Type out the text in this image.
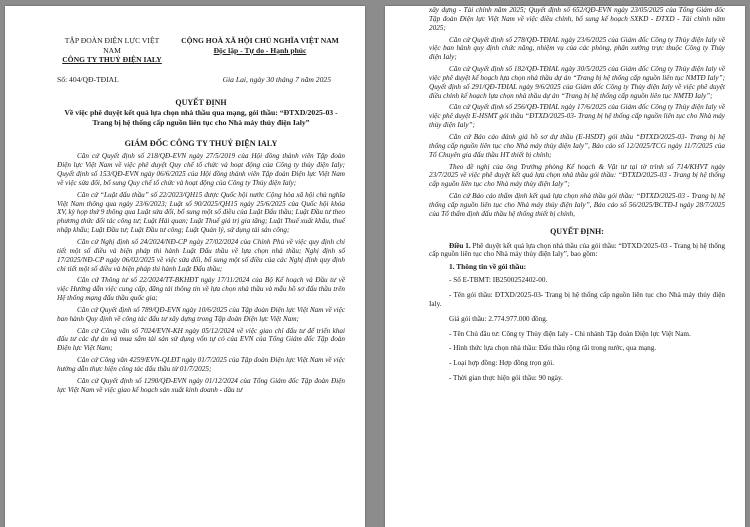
TẬP ĐOÀN ĐIỆN LỰC VIỆT NAM
CÔNG TY THUỶ ĐIỆN IALY
CỘNG HOÀ XÃ HỘI CHỦ NGHĨA VIỆT NAM
Độc lập - Tự do - Hạnh phúc
Số: 404/QĐ-TĐIAL	Gia Lai, ngày 30 tháng 7 năm 2025
QUYẾT ĐỊNH
Về việc phê duyệt kết quả lựa chọn nhà thầu qua mạng, gói thầu: “ĐTXD/2025-03 - Trang bị hệ thống cấp nguồn liên tục cho Nhà máy thủy điện Ialy”
GIÁM ĐỐC CÔNG TY THUỶ ĐIỆN IALY

Căn cứ Quyết định số 218/QĐ-EVN ngày 27/5/2019 của Hội đồng thành viên Tập đoàn Điện lực Việt Nam về việc phê duyệt Quy chế tổ chức và hoạt động của Công ty thủy điện Ialy; Quyết định số 153/QĐ-EVN ngày 06/6/2025 của Hội đồng thành viên Tập đoàn Điện lực Việt Nam về việc sửa đổi, bổ sung Quy chế tổ chức và hoạt động của Công ty Thủy điện Ialy;

Căn cứ “Luật đấu thầu” số 22/2023/QH15 được Quốc hội nước Cộng hòa xã hội chủ nghĩa Việt Nam thông qua ngày 23/6/2023; Luật số 90/2025/QH15 ngày 25/6/2025 của Quốc hội khóa XV, kỳ họp thứ 9 thông qua Luật sửa đổi, bổ sung một số điều của Luật Đấu thầu; Luật Đầu tư theo phương thức đối tác công tư; Luật Hải quan; Luật Thuế giá trị gia tăng; Luật Thuế xuất khẩu, thuế nhập khẩu; Luật Đầu tư; Luật Đầu tư công; Luật Quản lý, sử dụng tài sản công;

Căn cứ Nghị định số 24/2024/NĐ-CP ngày 27/02/2024 của Chính Phủ về việc quy định chi tiết một số điều và biện pháp thi hành Luật Đấu thầu về lựa chọn nhà thầu; Nghị định số 17/2025/NĐ-CP ngày 06/02/2025 về việc sửa đổi, bổ sung một số điều của các Nghị định quy định chi tiết một số điều và biện pháp thi hành Luật Đấu thầu;

Căn cứ Thông tư số 22/2024/TT-BKHĐT ngày 17/11/2024 của Bộ Kế hoạch và Đầu tư về việc Hướng dẫn việc cung cấp, đăng tải thông tin về lựa chọn nhà thầu và mẫu hồ sơ đấu thầu trên Hệ thống mạng đấu thầu quốc gia;

Căn cứ Quyết định số 789/QĐ-EVN ngày 10/6/2025 của Tập đoàn Điện lực Việt Nam về việc ban hành Quy định về công tác đấu tư xây dựng trong Tập đoàn Điện lực Việt Nam;

Căn cứ Công văn số 7024/EVN-KH ngày 05/12/2024 về việc giao chỉ đấu tư để triển khai đấu tư các dự án và mua sắm tài sản sử dụng vốn tự có của EVN của Tổng Giám đốc Tập đoàn Điện lực Việt Nam;

Căn cứ Công văn 4259/EVN-QLĐT ngày 01/7/2025 của Tập đoàn Điện lực Việt Nam về việc hướng dẫn thực hiện công tác đấu thầu từ 01/7/2025;

Căn cứ Quyết định số 1290/QĐ-EVN ngày 01/12/2024 của Tổng Giám đốc Tập đoàn Điện lực Việt Nam về việc giao kế hoạch sản xuất kinh doanh - đầu tư

xây dựng - Tài chính năm 2025; Quyết định số 652/QĐ-EVN ngày 23/05/2025 của Tổng Giám đốc Tập đoàn Điện lực Việt Nam về việc điều chỉnh, bổ sung kế hoạch SXKD - ĐTXD - Tài chính năm 2025;

Căn cứ Quyết định số 278/QĐ-TĐIAL ngày 23/6/2025 của Giám đốc Công ty Thủy điện Ialy về việc ban hành quy định chức năng, nhiệm vụ của các phòng, phân xưởng trực thuộc Công ty Thủy điện Ialy;

Căn cứ Quyết định số 182/QĐ-TĐIAL ngày 30/5/2025 của Giám đốc Công ty Thủy điện Ialy về việc phê duyệt kế hoạch lựa chọn nhà thầu dự án “Trang bị hệ thống cấp nguồn liên tục NMTĐ Ialy”; Quyết định số 291/QĐ-TĐIAL ngày 9/6/2025 của Giám đốc Công ty Thủy điện Ialy về việc phê duyệt điều chỉnh kế hoạch lựa chọn nhà thầu dự án “Trang bị hệ thống cấp nguồn liên tục NMTĐ Ialy”;

Căn cứ Quyết định số 256/QĐ-TĐIAL ngày 17/6/2025 của Giám đốc Công ty Thủy điện Ialy về việc phê duyệt E-HSMT gói thầu “ĐTXD/2025-03- Trang bị hệ thống cấp nguồn liên tục cho Nhà máy thủy điện Ialy”;

Căn cứ Báo cáo đánh giá hồ sơ dự thầu (E-HSDT) gói thầu “ĐTXD/2025-03- Trang bị hệ thống cấp nguồn liên tục cho Nhà máy thủy điện Ialy”, Báo cáo số 12/2025/TCG ngày 11/7/2025 của Tổ Chuyên gia đấu thầu HT thiết bị chính;

Theo đề nghị của ông Trưởng phòng Kế hoạch & Vật tư tại tờ trình số 714/KHVT ngày 23/7/2025 về việc phê duyệt kết quả lựa chọn nhà thầu gói thầu: “ĐTXD/2025-03 - Trang bị hệ thống cấp nguồn liên tục cho Nhà máy thủy điện Ialy”;

Căn cứ Báo cáo thẩm định kết quả lựa chọn nhà thầu gói thầu: “ĐTXD/2025-03 - Trang bị hệ thống cấp nguồn liên tục cho Nhà máy thủy điện Ialy”, Báo cáo số 56/2025/BCTĐ-I ngày 28/7/2025 của Tổ thẩm định đấu thầu hệ thống thiết bị chính,

QUYẾT ĐỊNH:

Điều 1. Phê duyệt kết quả lựa chọn nhà thầu của gói thầu: “ĐTXD/2025-03 - Trang bị hệ thống cấp nguồn liên tục cho Nhà máy thủy điện Ialy”, bao gồm:

1. Thông tin về gói thầu:
- Số E-TBMT: IB2500252402-00.
- Tên gói thầu: ĐTXD/2025-03- Trang bị hệ thống cấp nguồn liên tục cho Nhà máy thủy điện Ialy.
Giá gói thầu: 2.774.977.000 đồng.
- Tên Chủ đầu tư: Công ty Thủy điện Ialy - Chi nhánh Tập đoàn Điện lực Việt Nam.
- Hình thức lựa chọn nhà thầu: Đấu thầu rộng rãi trong nước, qua mạng.
- Loại hợp đồng: Hợp đồng trọn gói.
- Thời gian thực hiện gói thầu: 90 ngày.
